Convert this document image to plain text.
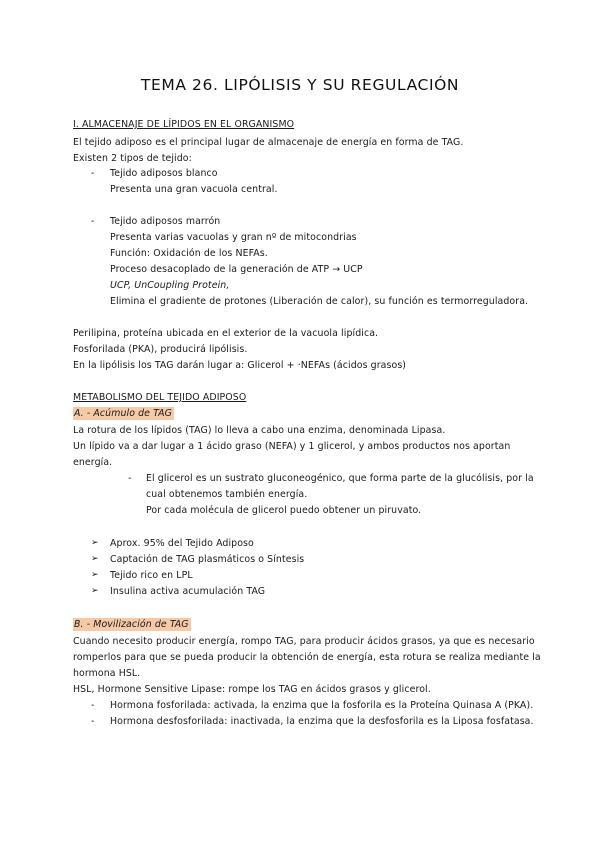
TEMA 26. LIPÓLISIS Y SU REGULACIÓN
I. ALMACENAJE DE LÍPIDOS EN EL ORGANISMO
El tejido adiposo es el principal lugar de almacenaje de energía en forma de TAG.
Existen 2 tipos de tejido:
- Tejido adiposos blanco
Presenta una gran vacuola central.
- Tejido adiposos marrón
Presenta varias vacuolas y gran nº de mitocondrias
Función: Oxidación de los NEFAs.
Proceso desacoplado de la generación de ATP → UCP
UCP, UnCoupling Protein,
Elimina el gradiente de protones (Liberación de calor), su función es termorreguladora.
Perilipina, proteína ubicada en el exterior de la vacuola lipídica.
Fosforilada (PKA), producirá lipólisis.
En la lipólisis los TAG darán lugar a: Glicerol + ·NEFAs (ácidos grasos)
METABOLISMO DEL TEJIDO ADIPOSO
A. - Acúmulo de TAG
La rotura de los lípidos (TAG) lo lleva a cabo una enzima, denominada Lipasa.
Un lípido va a dar lugar a 1 ácido graso (NEFA) y 1 glicerol, y ambos productos nos aportan
energía.
- El glicerol es un sustrato gluconeogénico, que forma parte de la glucólisis, por la
cual obtenemos también energía.
Por cada molécula de glicerol puedo obtener un piruvato.
➢ Aprox. 95% del Tejido Adiposo
➢ Captación de TAG plasmáticos o Síntesis
➢ Tejido rico en LPL
➢ Insulina activa acumulación TAG
B. - Movilización de TAG
Cuando necesito producir energía, rompo TAG, para producir ácidos grasos, ya que es necesario
romperlos para que se pueda producir la obtención de energía, esta rotura se realiza mediante la
hormona HSL.
HSL, Hormone Sensitive Lipase: rompe los TAG en ácidos grasos y glicerol.
- Hormona fosforilada: activada, la enzima que la fosforila es la Proteína Quinasa A (PKA).
- Hormona desfosforilada: inactivada, la enzima que la desfosforila es la Liposa fosfatasa.
